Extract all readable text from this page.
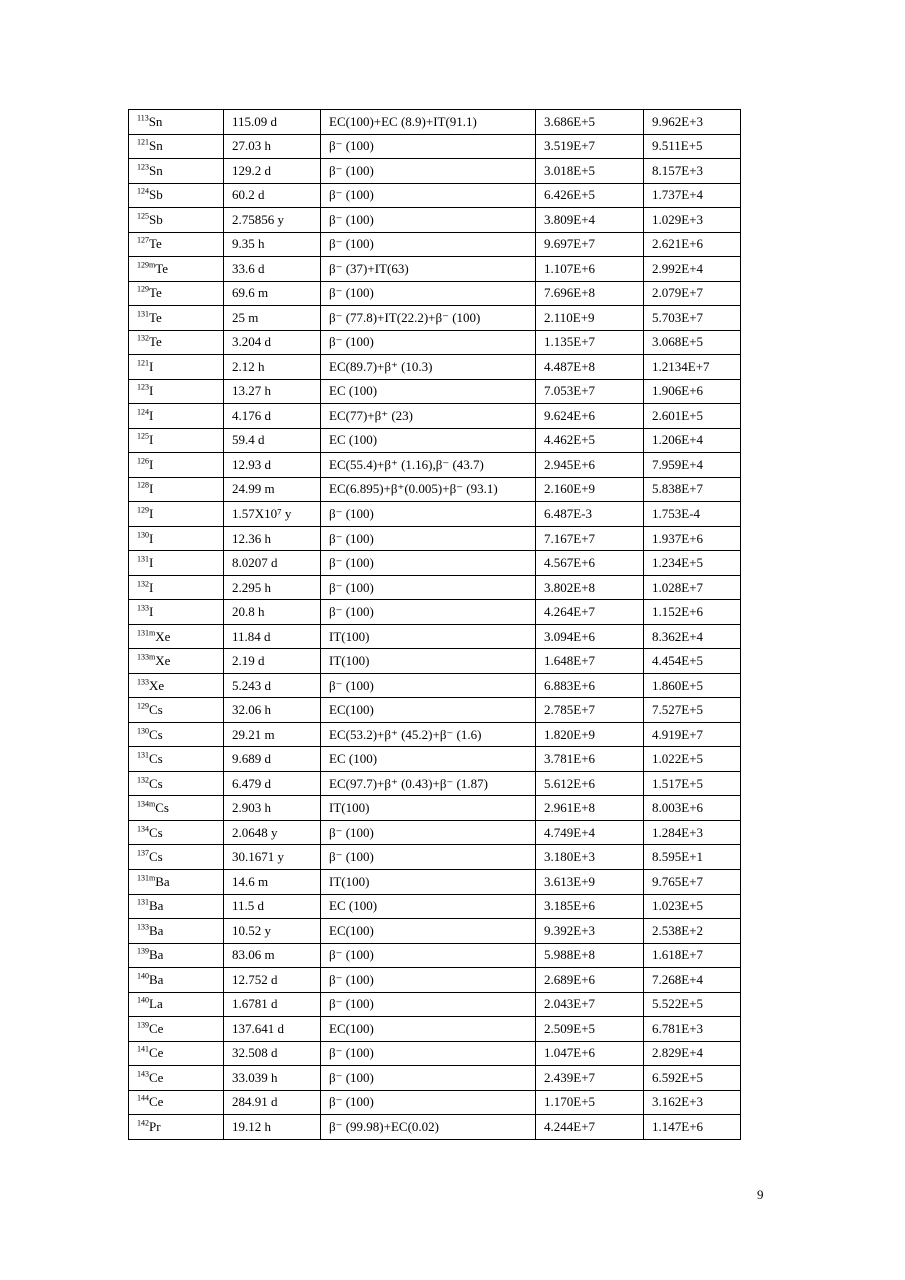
$^{113}$Sn	115.09 d	EC(100)+EC (8.9)+IT(91.1)	3.686E+5	9.962E+3
$^{121}$Sn	27.03 h	β⁻ (100)	3.519E+7	9.511E+5
$^{123}$Sn	129.2 d	β⁻ (100)	3.018E+5	8.157E+3
$^{124}$Sb	60.2 d	β⁻ (100)	6.426E+5	1.737E+4
$^{125}$Sb	2.75856 y	β⁻ (100)	3.809E+4	1.029E+3
$^{127}$Te	9.35 h	β⁻ (100)	9.697E+7	2.621E+6
$^{129m}$Te	33.6 d	β⁻ (37)+IT(63)	1.107E+6	2.992E+4
$^{129}$Te	69.6 m	β⁻ (100)	7.696E+8	2.079E+7
$^{131}$Te	25 m	β⁻ (77.8)+IT(22.2)+β⁻ (100)	2.110E+9	5.703E+7
$^{132}$Te	3.204 d	β⁻ (100)	1.135E+7	3.068E+5
$^{121}$I	2.12 h	EC(89.7)+β⁺ (10.3)	4.487E+8	1.2134E+7
$^{123}$I	13.27 h	EC (100)	7.053E+7	1.906E+6
$^{124}$I	4.176 d	EC(77)+β⁺ (23)	9.624E+6	2.601E+5
$^{125}$I	59.4 d	EC (100)	4.462E+5	1.206E+4
$^{126}$I	12.93 d	EC(55.4)+β⁺ (1.16),β⁻ (43.7)	2.945E+6	7.959E+4
$^{128}$I	24.99 m	EC(6.895)+β⁺(0.005)+β⁻ (93.1)	2.160E+9	5.838E+7
$^{129}$I	1.57X10⁷ y	β⁻ (100)	6.487E-3	1.753E-4
$^{130}$I	12.36 h	β⁻ (100)	7.167E+7	1.937E+6
$^{131}$I	8.0207 d	β⁻ (100)	4.567E+6	1.234E+5
$^{132}$I	2.295 h	β⁻ (100)	3.802E+8	1.028E+7
$^{133}$I	20.8 h	β⁻ (100)	4.264E+7	1.152E+6
$^{131m}$Xe	11.84 d	IT(100)	3.094E+6	8.362E+4
$^{133m}$Xe	2.19 d	IT(100)	1.648E+7	4.454E+5
$^{133}$Xe	5.243 d	β⁻ (100)	6.883E+6	1.860E+5
$^{129}$Cs	32.06 h	EC(100)	2.785E+7	7.527E+5
$^{130}$Cs	29.21 m	EC(53.2)+β⁺ (45.2)+β⁻ (1.6)	1.820E+9	4.919E+7
$^{131}$Cs	9.689 d	EC (100)	3.781E+6	1.022E+5
$^{132}$Cs	6.479 d	EC(97.7)+β⁺ (0.43)+β⁻ (1.87)	5.612E+6	1.517E+5
$^{134m}$Cs	2.903 h	IT(100)	2.961E+8	8.003E+6
$^{134}$Cs	2.0648 y	β⁻ (100)	4.749E+4	1.284E+3
$^{137}$Cs	30.1671 y	β⁻ (100)	3.180E+3	8.595E+1
$^{131m}$Ba	14.6 m	IT(100)	3.613E+9	9.765E+7
$^{131}$Ba	11.5 d	EC (100)	3.185E+6	1.023E+5
$^{133}$Ba	10.52 y	EC(100)	9.392E+3	2.538E+2
$^{139}$Ba	83.06 m	β⁻ (100)	5.988E+8	1.618E+7
$^{140}$Ba	12.752 d	β⁻ (100)	2.689E+6	7.268E+4
$^{140}$La	1.6781 d	β⁻ (100)	2.043E+7	5.522E+5
$^{139}$Ce	137.641 d	EC(100)	2.509E+5	6.781E+3
$^{141}$Ce	32.508 d	β⁻ (100)	1.047E+6	2.829E+4
$^{143}$Ce	33.039 h	β⁻ (100)	2.439E+7	6.592E+5
$^{144}$Ce	284.91 d	β⁻ (100)	1.170E+5	3.162E+3
$^{142}$Pr	19.12 h	β⁻ (99.98)+EC(0.02)	4.244E+7	1.147E+6
9
